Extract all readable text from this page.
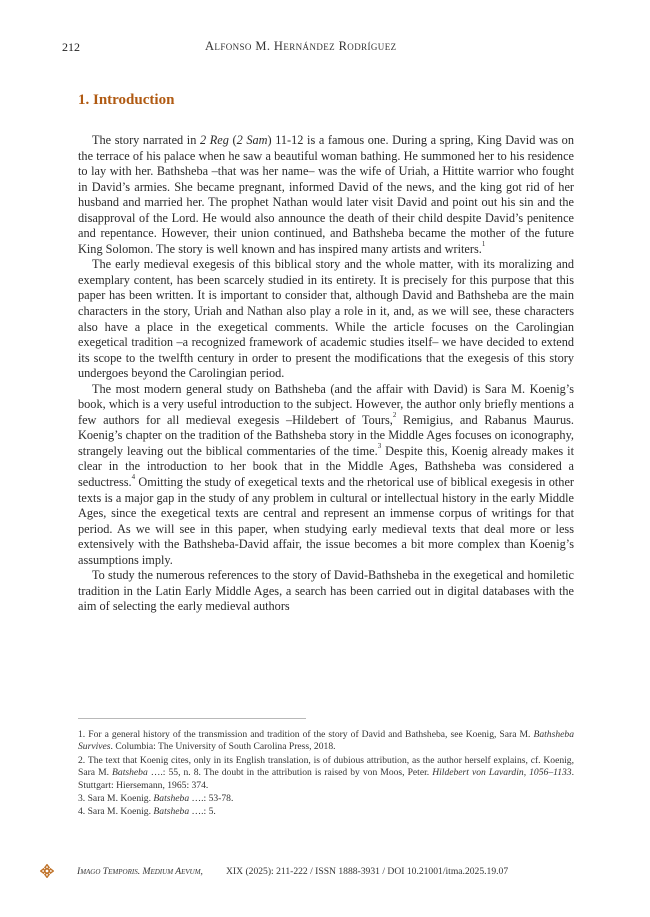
212	Alfonso M. Hernández Rodríguez
1. Introduction

The story narrated in 2 Reg (2 Sam) 11-12 is a famous one. During a spring, King David was on the terrace of his palace when he saw a beautiful woman bathing. He summoned her to his residence to lay with her. Bathsheba –that was her name– was the wife of Uriah, a Hittite warrior who fought in David’s armies. She became pregnant, informed David of the news, and the king got rid of her husband and married her. The prophet Nathan would later visit David and point out his sin and the disapproval of the Lord. He would also announce the death of their child despite David’s penitence and repentance. However, their union continued, and Bathsheba became the mother of the future King Solomon. The story is well known and has inspired many artists and writers.$^1$

The early medieval exegesis of this biblical story and the whole matter, with its moralizing and exemplary content, has been scarcely studied in its entirety. It is precisely for this purpose that this paper has been written. It is important to consider that, although David and Bathsheba are the main characters in the story, Uriah and Nathan also play a role in it, and, as we will see, these characters also have a place in the exegetical comments. While the article focuses on the Carolingian exegetical tradition –a recognized framework of academic studies itself– we have decided to extend its scope to the twelfth century in order to present the modifications that the exegesis of this story undergoes beyond the Carolingian period.

The most modern general study on Bathsheba (and the affair with David) is Sara M. Koenig’s book, which is a very useful introduction to the subject. However, the author only briefly mentions a few authors for all medieval exegesis –Hildebert of Tours,$^2$ Remigius, and Rabanus Maurus. Koenig’s chapter on the tradition of the Bathsheba story in the Middle Ages focuses on iconography, strangely leaving out the biblical commentaries of the time.$^3$ Despite this, Koenig already makes it clear in the introduction to her book that in the Middle Ages, Bathsheba was considered a seductress.$^4$ Omitting the study of exegetical texts and the rhetorical use of biblical exegesis in other texts is a major gap in the study of any problem in cultural or intellectual history in the early Middle Ages, since the exegetical texts are central and represent an immense corpus of writings for that period. As we will see in this paper, when studying early medieval texts that deal more or less extensively with the Bathsheba-David affair, the issue becomes a bit more complex than Koenig’s assumptions imply.

To study the numerous references to the story of David-Bathsheba in the exegetical and homiletic tradition in the Latin Early Middle Ages, a search has been carried out in digital databases with the aim of selecting the early medieval authors

1. For a general history of the transmission and tradition of the story of David and Bathsheba, see Koenig, Sara M. Bathsheba Survives. Columbia: The University of South Carolina Press, 2018.

2. The text that Koenig cites, only in its English translation, is of dubious attribution, as the author herself explains, cf. Koenig, Sara M. Batsheba ….: 55, n. 8. The doubt in the attribution is raised by von Moos, Peter. Hildebert von Lavardin, 1056–1133. Stuttgart: Hiersemann, 1965: 374.

3. Sara M. Koenig. Batsheba ….: 53-78.

4. Sara M. Koenig. Batsheba ….: 5.

Imago Temporis. Medium Aevum, XIX (2025): 211-222 / ISSN 1888-3931 / DOI 10.21001/itma.2025.19.07
